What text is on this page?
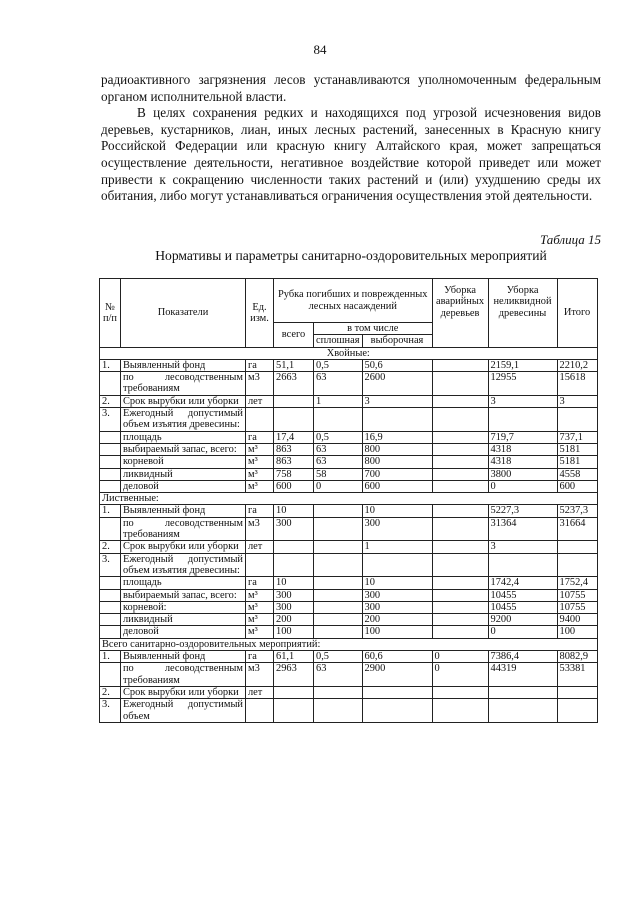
84

радиоактивного загрязнения лесов устанавливаются уполномоченным федеральным органом исполнительной власти.

В целях сохранения редких и находящихся под угрозой исчезновения видов деревьев, кустарников, лиан, иных лесных растений, занесенных в Красную книгу Российской Федерации или красную книгу Алтайского края, может запрещаться осуществление деятельности, негативное воздействие которой приведет или может привести к сокращению численности таких растений и (или) ухудшению среды их обитания, либо могут устанавливаться ограничения осуществления этой деятельности.

Таблица 15
Нормативы и параметры санитарно-оздоровительных мероприятий
№ п/п	Показатели	Ед. изм.	Рубка погибших и поврежденных лесных насаждений			Уборка аварийных деревьев	Уборка неликвидной древесины	Итого
			всего	в том числе				
				сплошная	выборочная			
Хвойные:								
1.	Выявленный фонд	га	51,1	0,5	50,6		2159,1	2210,2
	по лесоводственным требованиям	м3	2663	63	2600		12955	15618
2.	Срок вырубки или уборки	лет		1	3		3	3
3.	Ежегодный допустимый объем изъятия древесины:							
	площадь	га	17,4	0,5	16,9		719,7	737,1
	выбираемый запас, всего:	м³	863	63	800		4318	5181
	корневой	м³	863	63	800		4318	5181
	ликвидный	м³	758	58	700		3800	4558
	деловой	м³	600	0	600		0	600
Лиственные:								
1.	Выявленный фонд	га	10		10		5227,3	5237,3
	по лесоводственным требованиям	м3	300		300		31364	31664
2.	Срок вырубки или уборки	лет			1		3	
3.	Ежегодный допустимый объем изъятия древесины:							
	площадь	га	10		10		1742,4	1752,4
	выбираемый запас, всего:	м³	300		300		10455	10755
	корневой:	м³	300		300		10455	10755
	ликвидный	м³	200		200		9200	9400
	деловой	м³	100		100		0	100
Всего санитарно-оздоровительных мероприятий:								
1.	Выявленный фонд	га	61,1	0,5	60,6	0	7386,4	8082,9
	по лесоводственным требованиям	м3	2963	63	2900	0	44319	53381
2.	Срок вырубки или уборки	лет						
3.	Ежегодный допустимый объем							
